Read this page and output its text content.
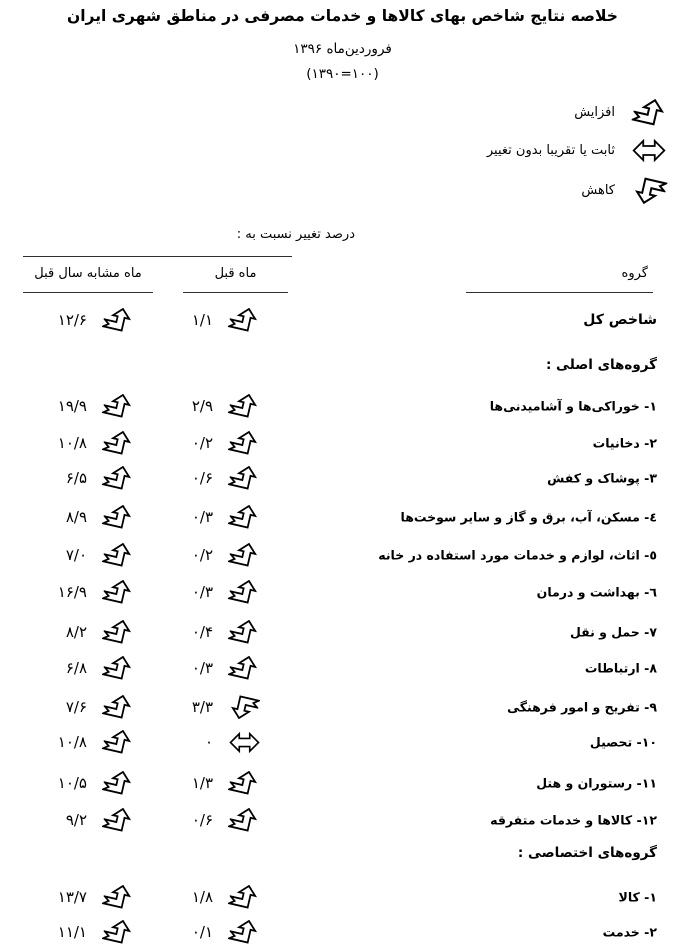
خلاصه نتایج شاخص بهای کالاها و خدمات مصرفی در مناطق شهری ایران
فروردین‌ماه ۱۳۹۶
(۱۳۹۰=۱۰۰)
افزایش
ثابت یا تقریبا بدون تغییر
کاهش
درصد تغییر نسبت به :
ماه مشابه سال قبل	ماه قبل	گروه
۱۲/۶	۱/۱	شاخص کل
گروه‌های اصلی :
۱۹/۹	۲/۹	۱- خوراکی‌ها و آشامیدنی‌ها
۱۰/۸	۰/۲	۲- دخانیات
۶/۵	۰/۶	۳- پوشاک و کفش
۸/۹	۰/۳	٤- مسکن، آب، برق و گاز و سایر سوخت‌ها
۷/۰	۰/۲	٥- اثاث، لوازم و خدمات مورد استفاده در خانه
۱۶/۹	۰/۳	٦- بهداشت و درمان
۸/۲	۰/۴	۷- حمل و نقل
۶/۸	۰/۳	۸- ارتباطات
۷/۶	۳/۳	۹- تفریح و امور فرهنگی
۱۰/۸	۰	۱۰- تحصیل
۱۰/۵	۱/۳	۱۱- رستوران و هتل
۹/۲	۰/۶	۱۲- کالاها و خدمات متفرقه
گروه‌های اختصاصی :
۱۳/۷	۱/۸	۱- کالا
۱۱/۱	۰/۱	۲- خدمت
